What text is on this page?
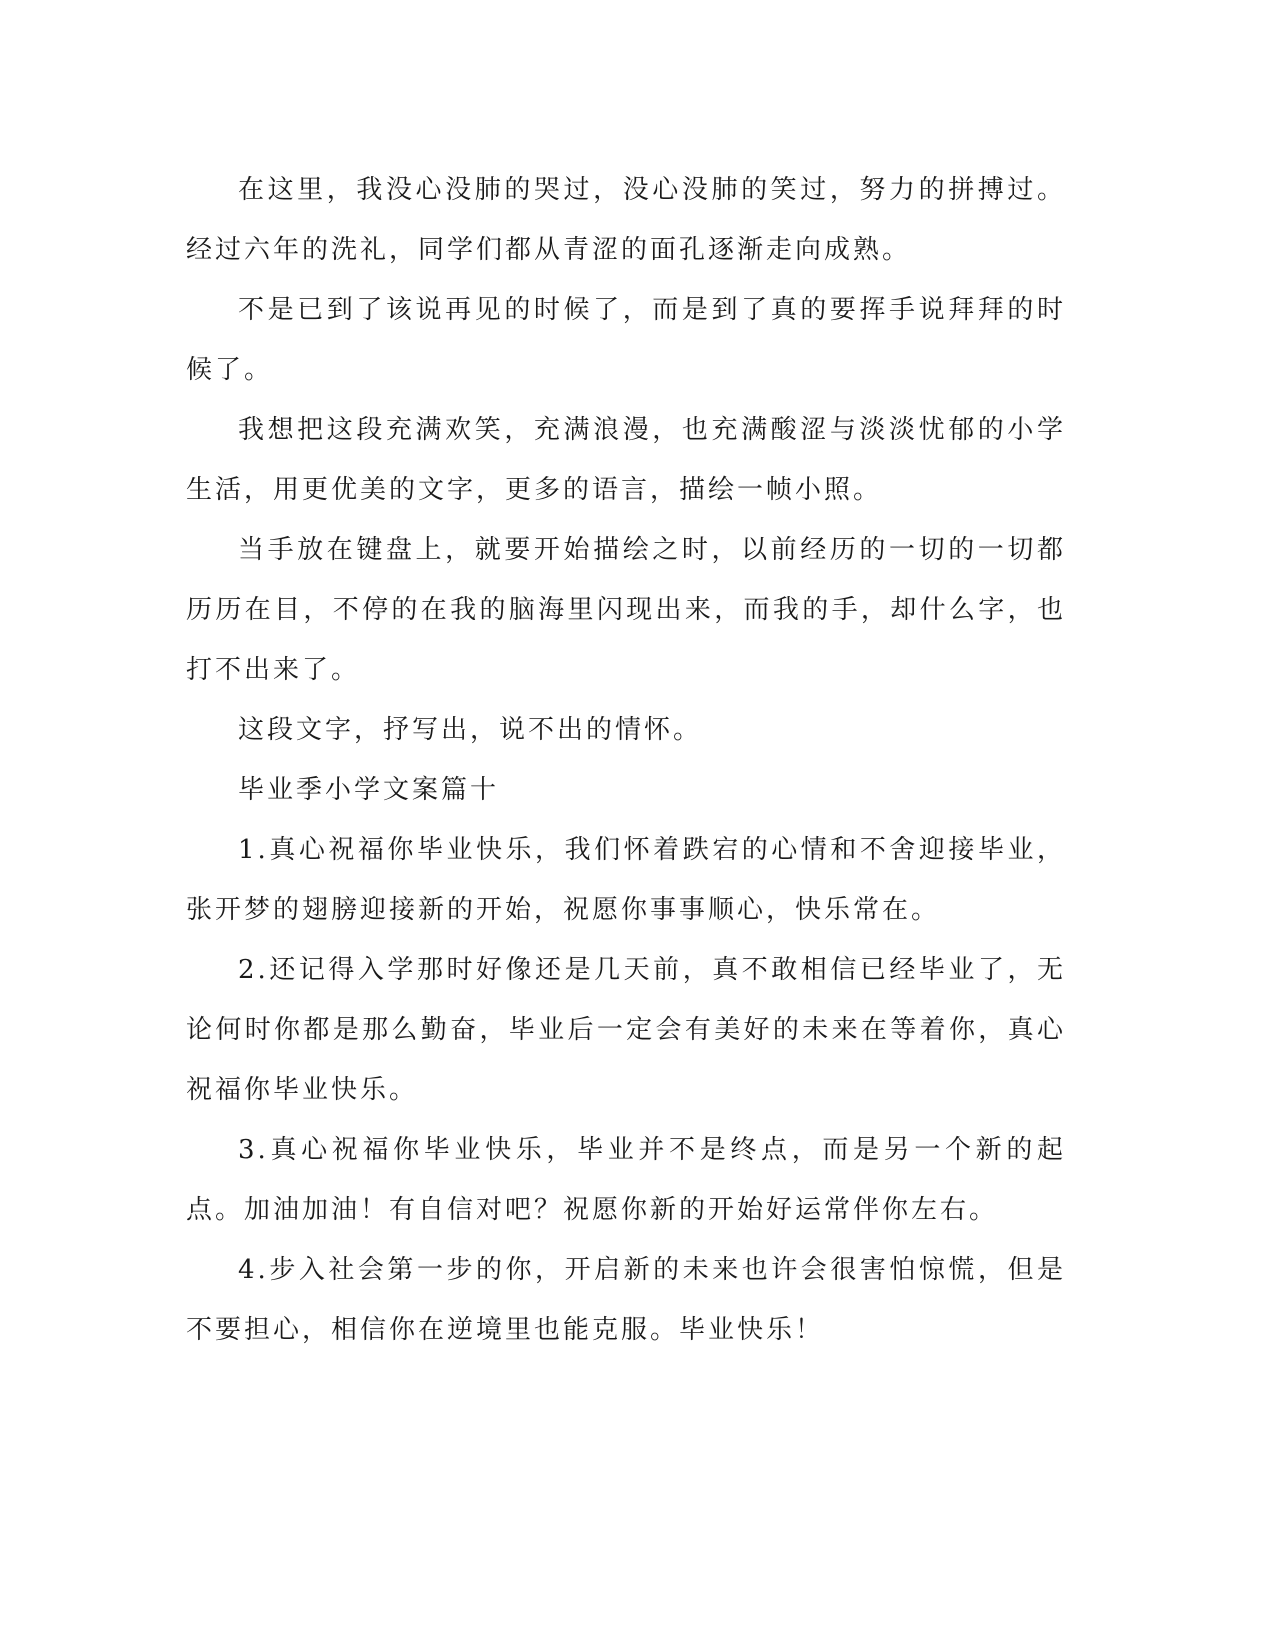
在这里，我没心没肺的哭过，没心没肺的笑过，努力的拼搏过。经过六年的洗礼，同学们都从青涩的面孔逐渐走向成熟。

不是已到了该说再见的时候了，而是到了真的要挥手说拜拜的时候了。

我想把这段充满欢笑，充满浪漫，也充满酸涩与淡淡忧郁的小学生活，用更优美的文字，更多的语言，描绘一帧小照。

当手放在键盘上，就要开始描绘之时，以前经历的一切的一切都历历在目，不停的在我的脑海里闪现出来，而我的手，却什么字，也打不出来了。

这段文字，抒写出，说不出的情怀。

毕业季小学文案篇十

1.真心祝福你毕业快乐，我们怀着跌宕的心情和不舍迎接毕业，张开梦的翅膀迎接新的开始，祝愿你事事顺心，快乐常在。

2.还记得入学那时好像还是几天前，真不敢相信已经毕业了，无论何时你都是那么勤奋，毕业后一定会有美好的未来在等着你，真心祝福你毕业快乐。

3.真心祝福你毕业快乐，毕业并不是终点，而是另一个新的起点。加油加油！有自信对吧？祝愿你新的开始好运常伴你左右。

4.步入社会第一步的你，开启新的未来也许会很害怕惊慌，但是不要担心，相信你在逆境里也能克服。毕业快乐！
